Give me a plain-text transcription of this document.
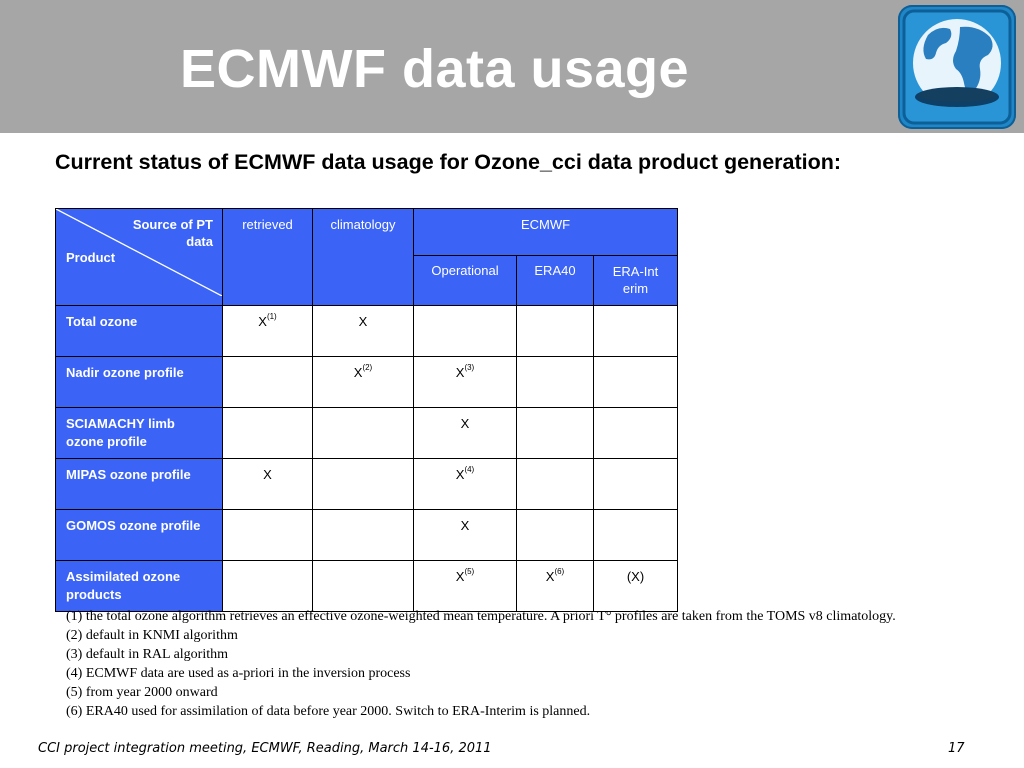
ECMWF data usage
Current status of ECMWF data usage for Ozone_cci data product generation:
Source of PT data
Product	retrieved	climatology	ECMWF		
			Operational	ERA40	ERA-Interim
Total ozone	$X^{(1)}$	X			
Nadir ozone profile		$X^{(2)}$	$X^{(3)}$		
SCIAMACHY limb ozone profile			X		
MIPAS ozone profile	X		$X^{(4)}$		
GOMOS ozone profile			X		
Assimilated ozone products			$X^{(5)}$	$X^{(6)}$	(X)
(1) the total ozone algorithm retrieves an effective ozone-weighted mean temperature. A priori T° profiles are taken from the TOMS v8 climatology.
(2) default in KNMI algorithm
(3) default in RAL algorithm
(4) ECMWF data are used as a-priori in the inversion process
(5) from year 2000 onward
(6) ERA40 used for assimilation of data before year 2000. Switch to ERA-Interim is planned.
CCI project integration meeting, ECMWF, Reading, March 14-16, 2011	17
